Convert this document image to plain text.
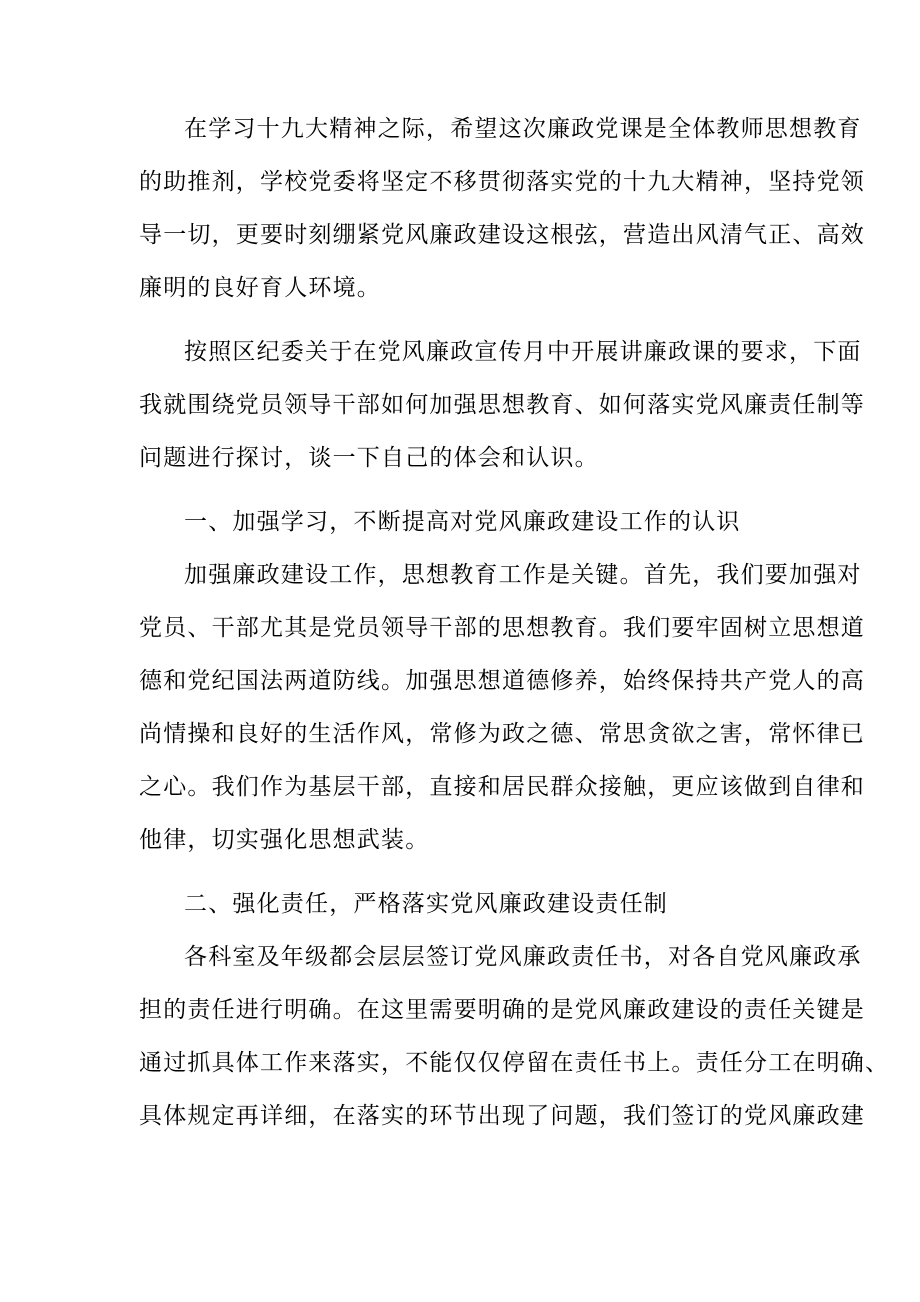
在学习十九大精神之际，希望这次廉政党课是全体教师思想教育
的助推剂，学校党委将坚定不移贯彻落实党的十九大精神，坚持党领
导一切，更要时刻绷紧党风廉政建设这根弦，营造出风清气正、高效
廉明的良好育人环境。
按照区纪委关于在党风廉政宣传月中开展讲廉政课的要求，下面
我就围绕党员领导干部如何加强思想教育、如何落实党风廉责任制等
问题进行探讨，谈一下自己的体会和认识。
一、加强学习，不断提高对党风廉政建设工作的认识
加强廉政建设工作，思想教育工作是关键。首先，我们要加强对
党员、干部尤其是党员领导干部的思想教育。我们要牢固树立思想道
德和党纪国法两道防线。加强思想道德修养，始终保持共产党人的高
尚情操和良好的生活作风，常修为政之德、常思贪欲之害，常怀律已
之心。我们作为基层干部，直接和居民群众接触，更应该做到自律和
他律，切实强化思想武装。
二、强化责任，严格落实党风廉政建设责任制
各科室及年级都会层层签订党风廉政责任书，对各自党风廉政承
担的责任进行明确。在这里需要明确的是党风廉政建设的责任关键是
通过抓具体工作来落实，不能仅仅停留在责任书上。责任分工在明确、
具体规定再详细，在落实的环节出现了问题，我们签订的党风廉政建
